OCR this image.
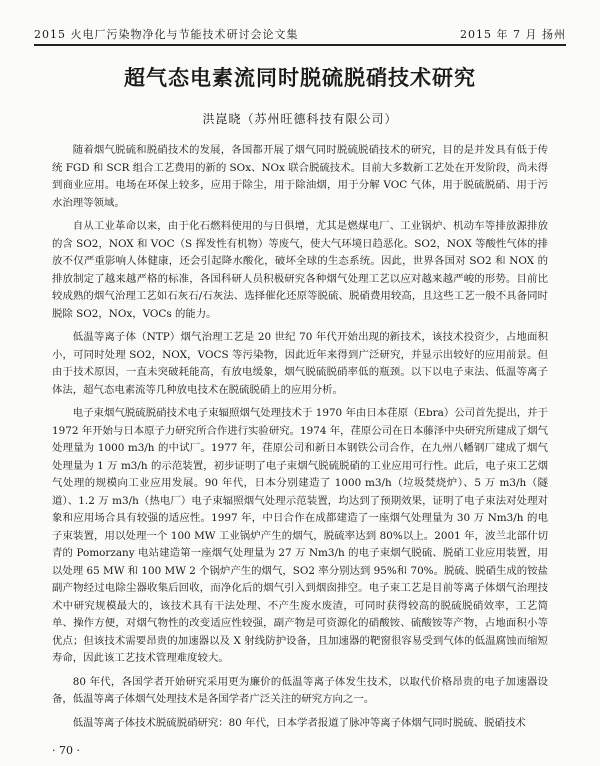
2015 火电厂污染物净化与节能技术研讨会论文集	2015 年 7 月 扬州
超气态电素流同时脱硫脱硝技术研究
洪崑晓（苏州旺德科技有限公司）

随着烟气脱硫和脱硝技术的发展，各国都开展了烟气同时脱硫脱硝技术的研究，目的是并发具有低于传统 FGD 和 SCR 组合工艺费用的新的 SOx、NOx 联合脱硫技术。目前大多数新工艺处在开发阶段，尚未得到商业应用。电场在环保上较多，应用于除尘，用于除油烟，用于分解 VOC 气体，用于脱硫脱硝、用于污水治理等领域。

自从工业革命以来，由于化石燃料使用的与日俱增，尤其是燃煤电厂、工业锅炉、机动车等排放源排放的含 SO2，NOX 和 VOC（S 挥发性有机物）等废气，使大气环境日趋恶化。SO2，NOX 等酸性气体的排放不仅严重影响人体健康，还会引起降水酸化，破坏全球的生态系统。因此，世界各国对 SO2 和 NOX 的排放制定了越来越严格的标准，各国科研人员积极研究各种烟气处理工艺以应对越来越严峻的形势。目前比较成熟的烟气治理工艺如石灰石/石灰法、选择催化还原等脱硫、脱硝费用较高，且这些工艺一般不具备同时脱除 SO2，NOx，VOCs 的能力。

低温等离子体（NTP）烟气治理工艺是 20 世纪 70 年代开始出现的新技术，该技术投资少，占地面积小，可同时处理 SO2，NOX，VOCS 等污染物，因此近年来得到广泛研究，并显示出较好的应用前景。但由于技术原因，一直未突破耗能高，有放电缓象，烟气脱硫脱硝率低的瓶颈。以下以电子束法、低温等离子体法，超气态电素流等几种放电技术在脱硫脱硝上的应用分析。

电子束烟气脱硫脱硝技术电子束辐照烟气处理技术于 1970 年由日本荏原（Ebra）公司首先提出，并于 1972 年开始与日本原子力研究所合作进行实验研究。1974 年，荏原公司在日本藤泽中央研究所建成了烟气处理量为 1000 m3/h 的中试厂。1977 年，荏原公司和新日本钢铁公司合作，在九州八幡钢厂建成了烟气处理量为 1 万 m3/h 的示范装置，初步证明了电子束烟气脱硫脱硝的工业应用可行性。此后，电子束工艺烟气处理的规模向工业应用发展。90 年代，日本分别建造了 1000 m3/h（垃圾焚烧炉）、5 万 m3/h（隧道）、1.2 万 m3/h（热电厂）电子束辐照烟气处理示范装置，均达到了预期效果，证明了电子束法对处理对象和应用场合具有较强的适应性。1997 年，中日合作在成都建造了一座烟气处理量为 30 万 Nm3/h 的电子束装置，用以处理一个 100 MW 工业锅炉产生的烟气，脱硫率达到 80%以上。2001 年，波兰北部什切青的 Pomorzany 电站建造第一座烟气处理量为 27 万 Nm3/h 的电子束烟气脱硫、脱硝工业应用装置，用以处理 65 MW 和 100 MW 2 个锅炉产生的烟气，SO2 率分别达到 95%和 70%。脱硫、脱硝生成的铵盐副产物经过电除尘器收集后回收，而净化后的烟气引入到烟囱排空。电子束工艺是目前等离子体烟气治理技术中研究规模最大的，该技术具有干法处理、不产生废水废渣，可同时获得较高的脱硫脱硝效率，工艺简单、操作方便，对烟气物性的改变适应性较强，副产物是可资源化的硝酸铵、硫酸铵等产物，占地面积小等优点；但该技术需要昂贵的加速器以及 X 射线防护设备，且加速器的靶窗很容易受到气体的低温腐蚀而缩短寿命，因此该工艺技术管理难度较大。

80 年代，各国学者开始研究采用更为廉价的低温等离子体发生技术，以取代价格昂贵的电子加速器设备，低温等离子体烟气处理技术是各国学者广泛关注的研究方向之一。

低温等离子体技术脱硫脱硝研究：80 年代，日本学者报道了脉冲等离子体烟气同时脱硫、脱硝技术

· 70 ·
